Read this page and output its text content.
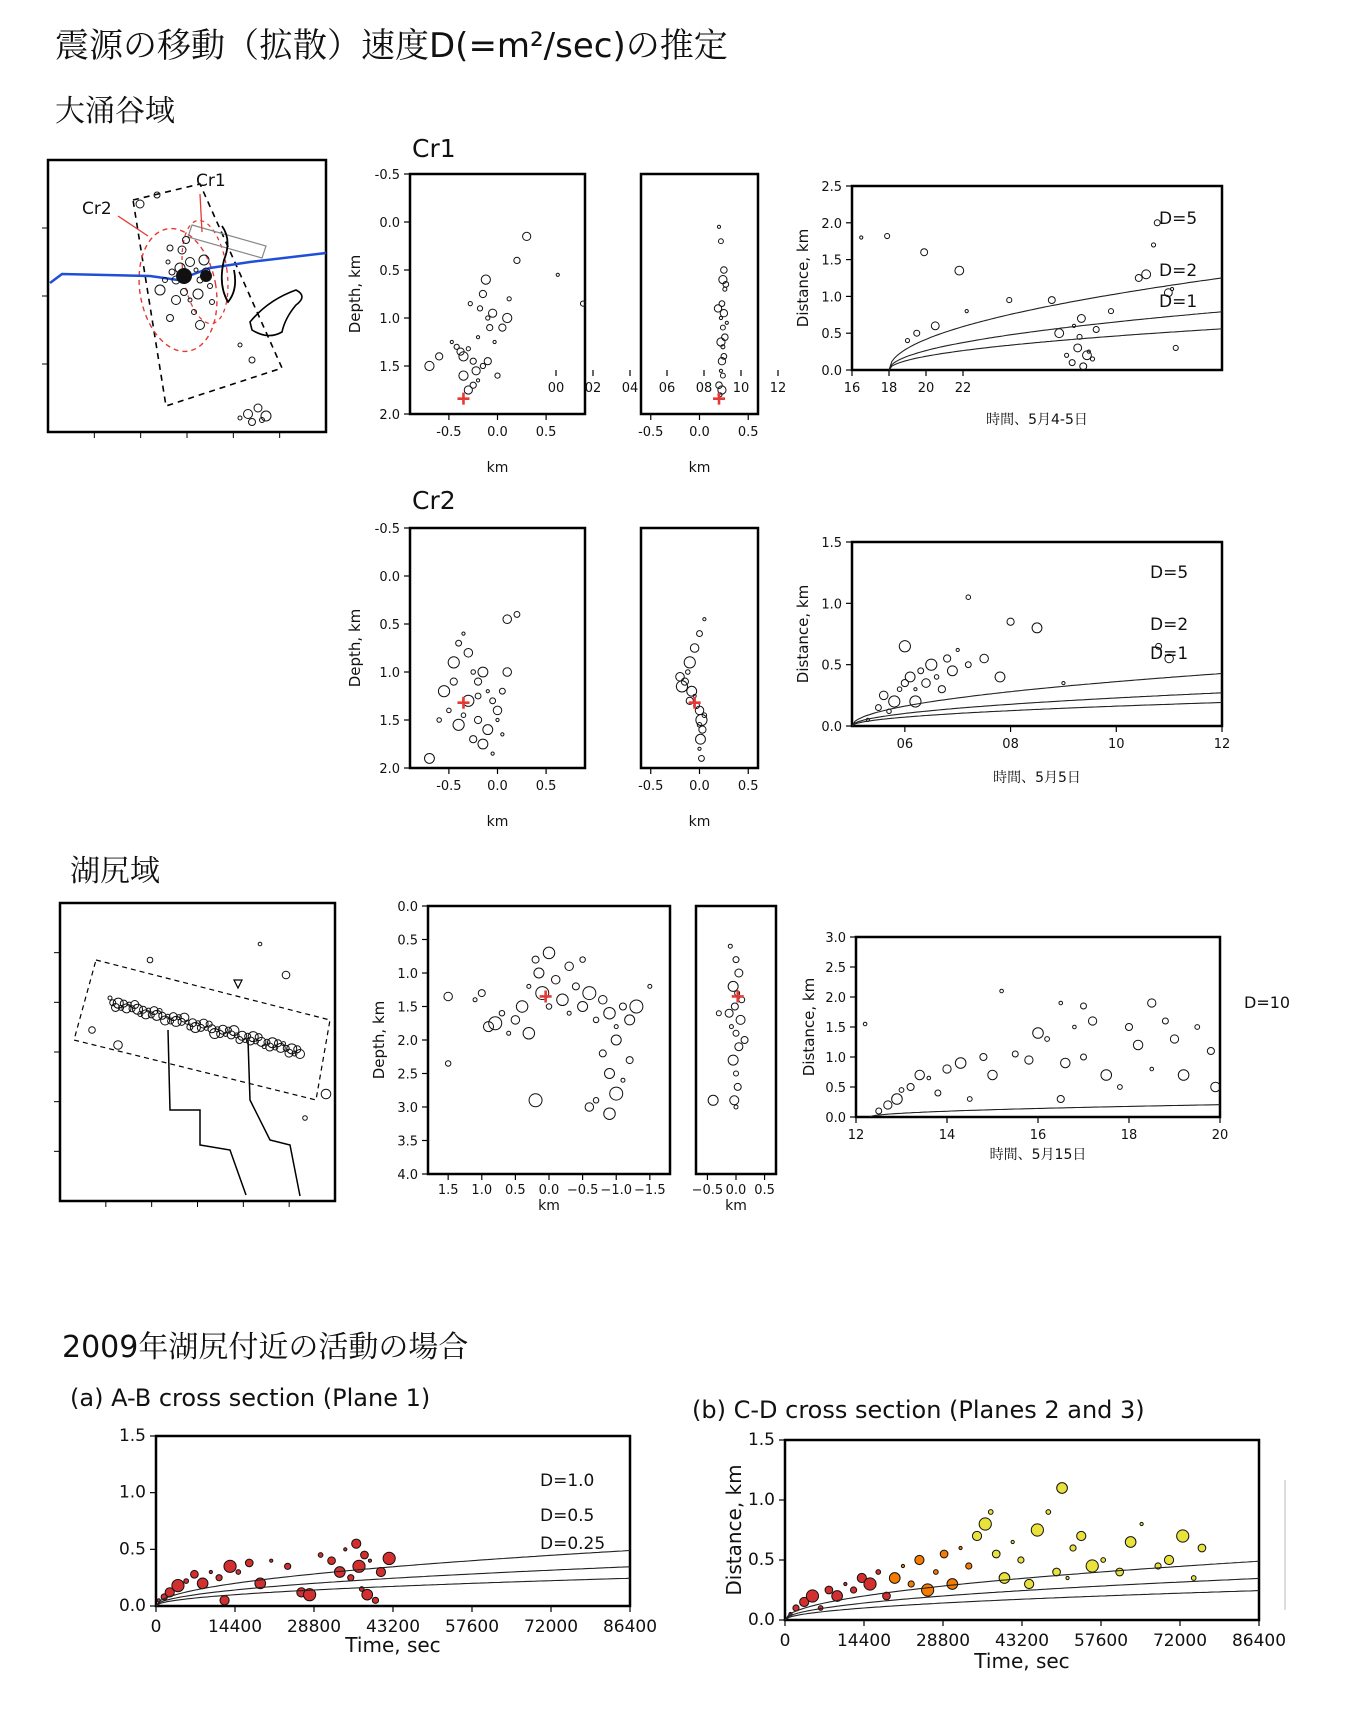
震源の移動（拡散）速度D(=m²/sec)の推定
大涌谷域
Cr1
Cr2
湖尻域
2009年湖尻付近の活動の場合
(a) A-B cross section (Plane 1)	(b) C-D cross section (Planes 2 and 3)
Cr1
Cr2
-0.5 0.0 0.5
-0.5
0.0
0.5
1.0
1.5
2.0
km
Depth, km
-0.5 0.0 0.5
km
16 18 20 22
00 02 04 06 08 10 12
0.0
0.5
1.0
1.5
2.0
2.5
時間、5月4-5日
Distance, km
D=5
D=2
D=1
-0.5 0.0 0.5
-0.5
0.0
0.5
1.0
1.5
2.0
km
Depth, km
-0.5 0.0 0.5
km
06	08	10	12
0.0
0.5
1.0
1.5
時間、5月5日
Distance, km
D=5
D=2
D=1
1.5 1.0 0.5 0.0 −0.5 −1.0 −1.5
0.0
0.5
1.0
1.5
2.0
2.5
3.0
3.5
4.0
km
Depth, km
−0.5 0.0 0.5
km
12	14	16	18	20
0.0
0.5
1.0
1.5
2.0
2.5
3.0
時間、5月15日
Distance, km	D=10
0	14400 28800 43200 57600 72000 86400
0.0
0.5
1.0
1.5
Time, sec
D=1.0
D=0.5
D=0.25
0	14400 28800 43200 57600 72000 86400
0.0
0.5
1.0
1.5
Time, sec
Distance, km
